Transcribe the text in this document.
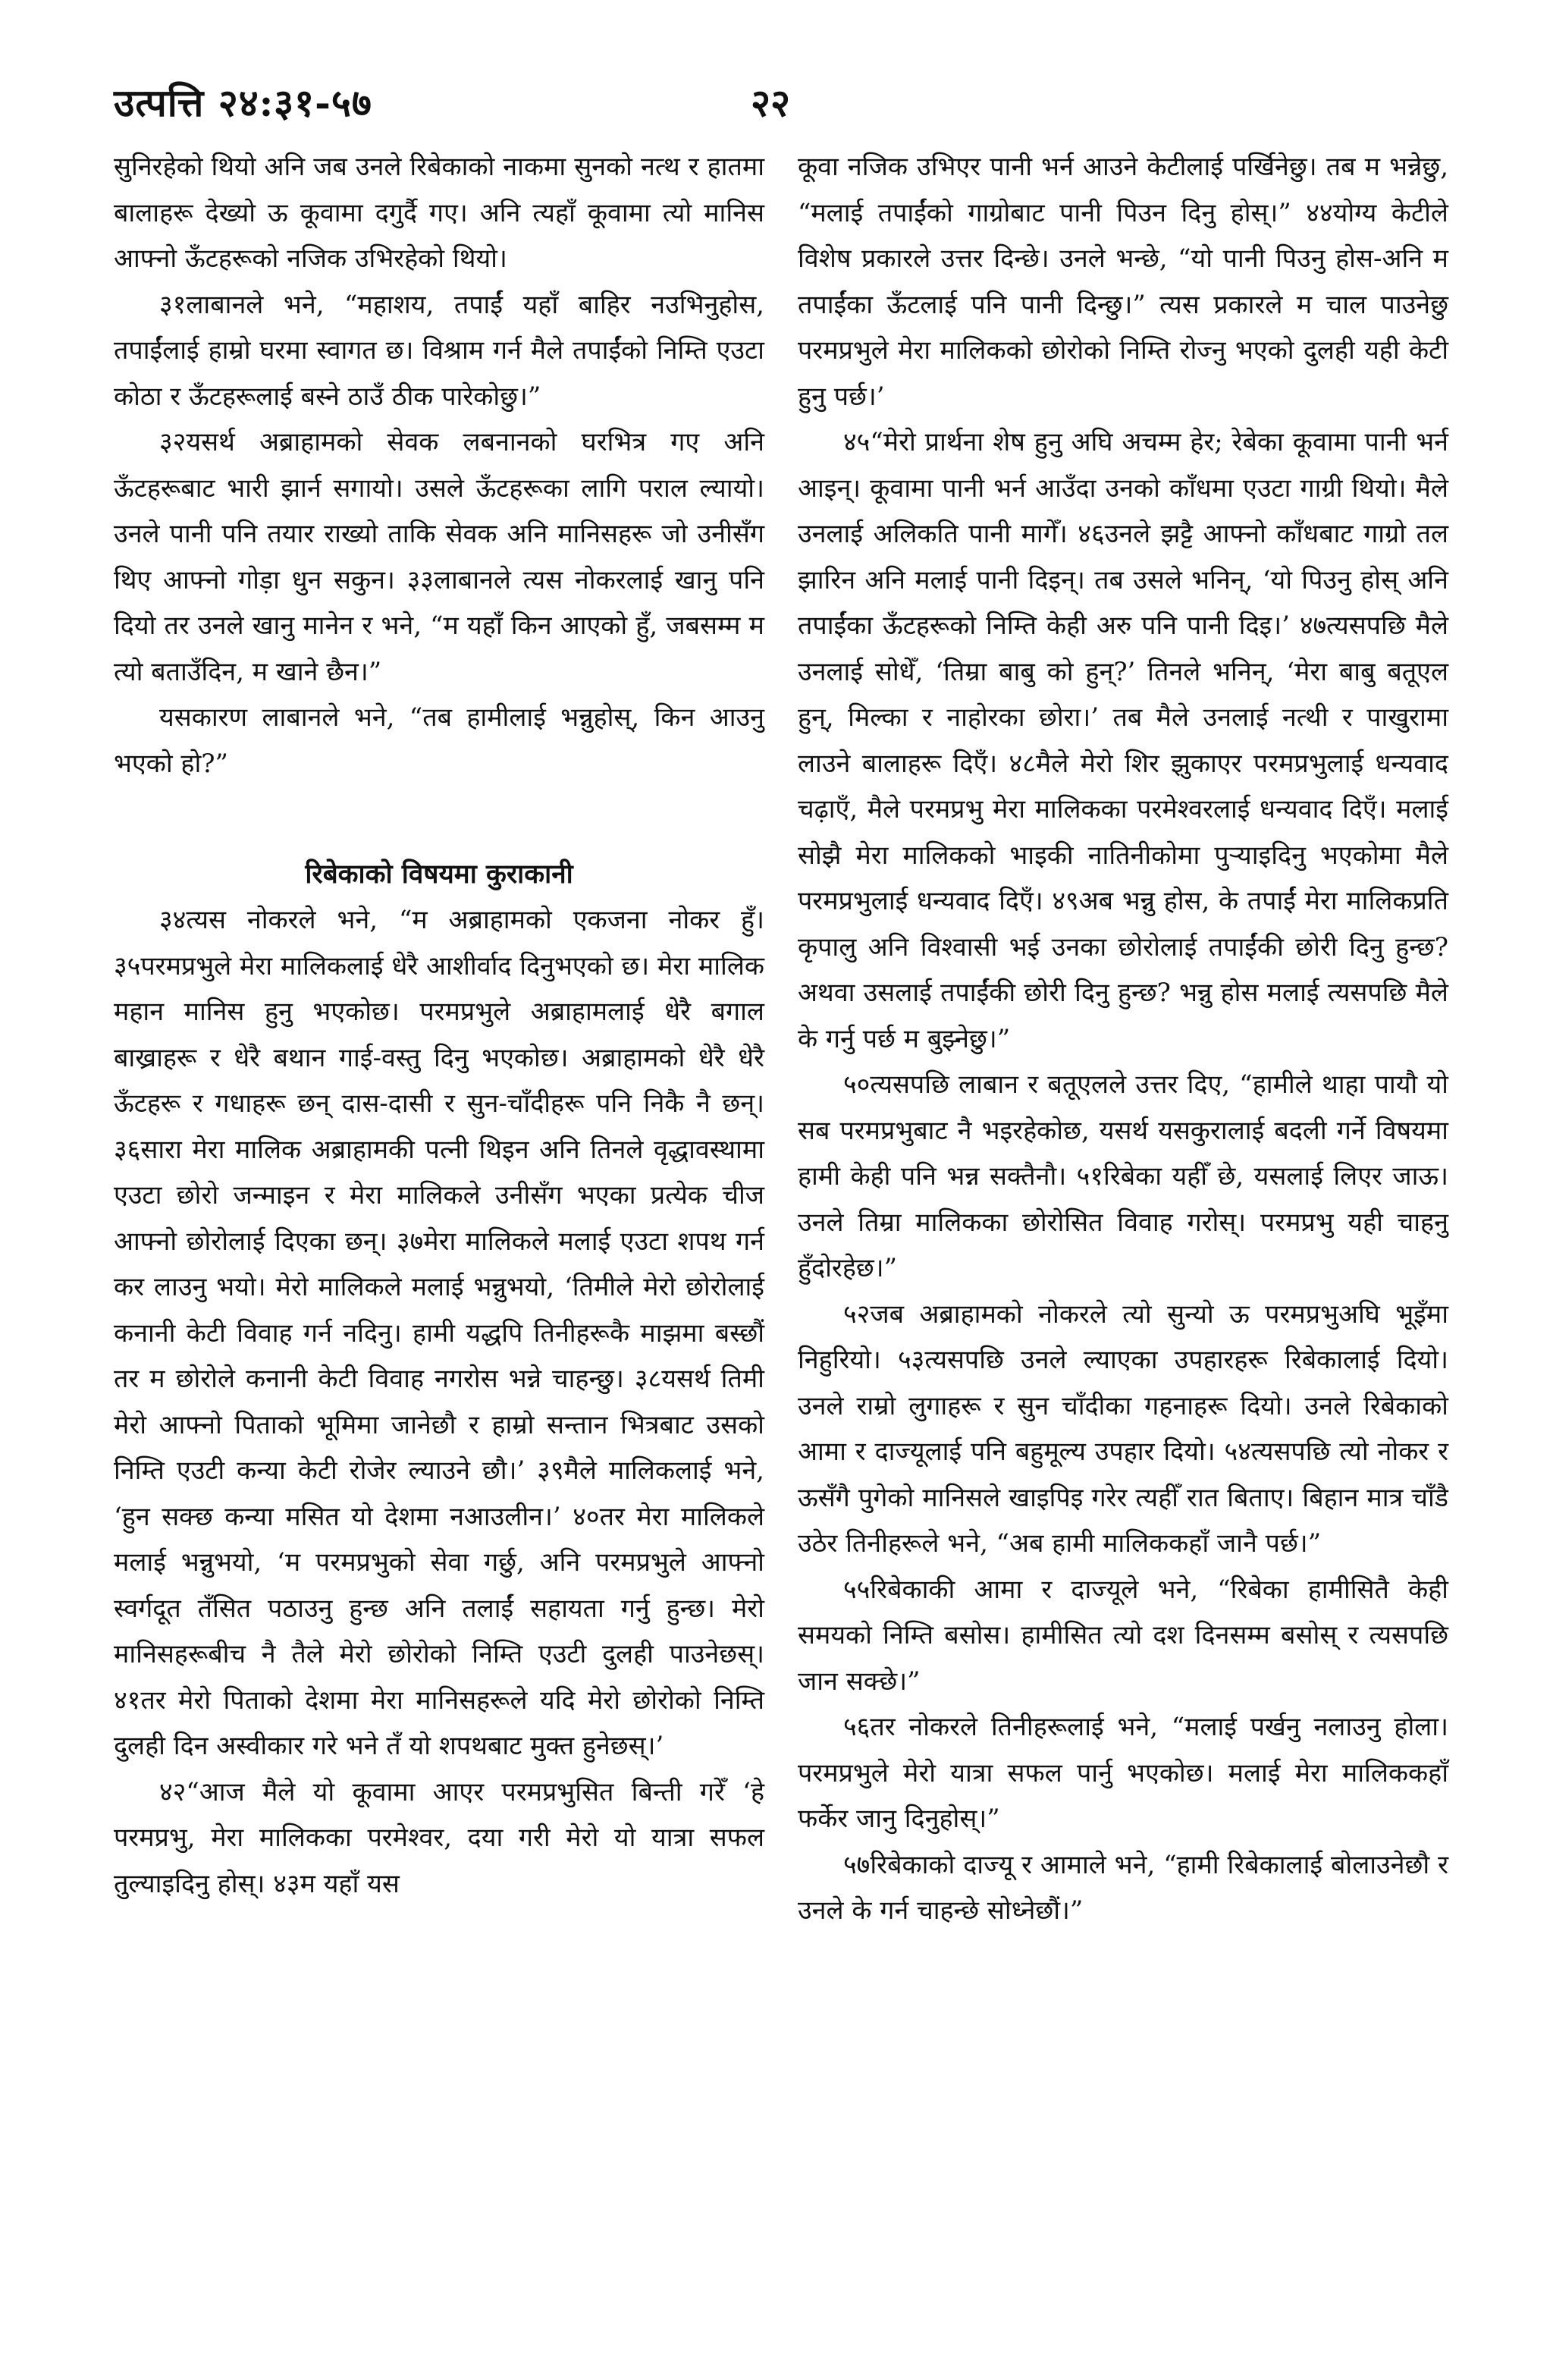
उत्पत्ति २४:३१-५७	२२

सुनिरहेको थियो अनि जब उनले रिबेकाको नाकमा सुनको नत्थ र हातमा बालाहरू देख्यो ऊ कूवामा दगुर्दै गए। अनि त्यहाँ कूवामा त्यो मानिस आफ्नो ऊँटहरूको नजिक उभिरहेको थियो।

३१लाबानले भने, “महाशय, तपाईं यहाँ बाहिर नउभिनुहोस, तपाईंलाई हाम्रो घरमा स्वागत छ। विश्राम गर्न मैले तपाईंको निम्ति एउटा कोठा र ऊँटहरूलाई बस्ने ठाउँ ठीक पारेकोछु।”

३२यसर्थ अब्राहामको सेवक लबनानको घरभित्र गए अनि ऊँटहरूबाट भारी झार्न सगायो। उसले ऊँटहरूका लागि पराल ल्यायो। उनले पानी पनि तयार राख्यो ताकि सेवक अनि मानिसहरू जो उनीसँग थिए आफ्नो गोड़ा धुन सकुन। ३३लाबानले त्यस नोकरलाई खानु पनि दियो तर उनले खानु मानेन र भने, “म यहाँ किन आएको हुँ, जबसम्म म त्यो बताउँदिन, म खाने छैन।”

यसकारण लाबानले भने, “तब हामीलाई भन्नुहोस्, किन आउनु भएको हो?”

रिबेकाको विषयमा कुराकानी

३४त्यस नोकरले भने, “म अब्राहामको एकजना नोकर हुँ। ३५परमप्रभुले मेरा मालिकलाई धेरै आशीर्वाद दिनुभएको छ। मेरा मालिक महान मानिस हुनु भएकोछ। परमप्रभुले अब्राहामलाई धेरै बगाल बाख्राहरू र धेरै बथान गाई-वस्तु दिनु भएकोछ। अब्राहामको धेरै धेरै ऊँटहरू र गधाहरू छन् दास-दासी र सुन-चाँदीहरू पनि निकै नै छन्। ३६सारा मेरा मालिक अब्राहामकी पत्नी थिइन अनि तिनले वृद्धावस्थामा एउटा छोरो जन्माइन र मेरा मालिकले उनीसँग भएका प्रत्येक चीज आफ्नो छोरोलाई दिएका छन्। ३७मेरा मालिकले मलाई एउटा शपथ गर्न कर लाउनु भयो। मेरो मालिकले मलाई भन्नुभयो, ‘तिमीले मेरो छोरोलाई कनानी केटी विवाह गर्न नदिनु। हामी यद्धपि तिनीहरूकै माझमा बस्छौं तर म छोरोले कनानी केटी विवाह नगरोस भन्ने चाहन्छु। ३८यसर्थ तिमी मेरो आफ्नो पिताको भूमिमा जानेछौ र हाम्रो सन्तान भित्रबाट उसको निम्ति एउटी कन्या केटी रोजेर ल्याउने छौ।’ ३९मैले मालिकलाई भने, ‘हुन सक्छ कन्या मसित यो देशमा नआउलीन।’ ४०तर मेरा मालिकले मलाई भन्नुभयो, ‘म परमप्रभुको सेवा गर्छु, अनि परमप्रभुले आफ्नो स्वर्गदूत तँसित पठाउनु हुन्छ अनि तलाईं सहायता गर्नु हुन्छ। मेरो मानिसहरूबीच नै तैले मेरो छोरोको निम्ति एउटी दुलही पाउनेछस्। ४१तर मेरो पिताको देशमा मेरा मानिसहरूले यदि मेरो छोरोको निम्ति दुलही दिन अस्वीकार गरे भने तँ यो शपथबाट मुक्त हुनेछस्।’

४२“आज मैले यो कूवामा आएर परमप्रभुसित बिन्ती गरेँ ‘हे परमप्रभु, मेरा मालिकका परमेश्वर, दया गरी मेरो यो यात्रा सफल तुल्याइदिनु होस्। ४३म यहाँ यस

कूवा नजिक उभिएर पानी भर्न आउने केटीलाई पर्खिनेछु। तब म भन्नेछु, “मलाई तपाईंको गाग्रोबाट पानी पिउन दिनु होस्।” ४४योग्य केटीले विशेष प्रकारले उत्तर दिन्छे। उनले भन्छे, “यो पानी पिउनु होस-अनि म तपाईंका ऊँटलाई पनि पानी दिन्छु।” त्यस प्रकारले म चाल पाउनेछु परमप्रभुले मेरा मालिकको छोरोको निम्ति रोज्नु भएको दुलही यही केटी हुनु पर्छ।’

४५“मेरो प्रार्थना शेष हुनु अघि अचम्म हेर; रेबेका कूवामा पानी भर्न आइन्। कूवामा पानी भर्न आउँदा उनको काँधमा एउटा गाग्री थियो। मैले उनलाई अलिकति पानी मागेँ। ४६उनले झट्टै आफ्नो काँधबाट गाग्रो तल झारिन अनि मलाई पानी दिइन्। तब उसले भनिन्, ‘यो पिउनु होस् अनि तपाईंका ऊँटहरूको निम्ति केही अरु पनि पानी दिइ।’ ४७त्यसपछि मैले उनलाई सोधेँ, ‘तिम्रा बाबु को हुन्?’ तिनले भनिन्, ‘मेरा बाबु बतूएल हुन्, मिल्का र नाहोरका छोरा।’ तब मैले उनलाई नत्थी र पाखुरामा लाउने बालाहरू दिएँ। ४८मैले मेरो शिर झुकाएर परमप्रभुलाई धन्यवाद चढ़ाएँ, मैले परमप्रभु मेरा मालिकका परमेश्वरलाई धन्यवाद दिएँ। मलाई सोझै मेरा मालिकको भाइकी नातिनीकोमा पुऱ्याइदिनु भएकोमा मैले परमप्रभुलाई धन्यवाद दिएँ। ४९अब भन्नु होस, के तपाईं मेरा मालिकप्रति कृपालु अनि विश्वासी भई उनका छोरोलाई तपाईंकी छोरी दिनु हुन्छ? अथवा उसलाई तपाईंकी छोरी दिनु हुन्छ? भन्नु होस मलाई त्यसपछि मैले के गर्नु पर्छ म बुझ्नेछु।”

५०त्यसपछि लाबान र बतूएलले उत्तर दिए, “हामीले थाहा पायौ यो सब परमप्रभुबाट नै भइरहेकोछ, यसर्थ यसकुरालाई बदली गर्ने विषयमा हामी केही पनि भन्न सक्तैनौ। ५१रिबेका यहीँ छे, यसलाई लिएर जाऊ। उनले तिम्रा मालिकका छोरोसित विवाह गरोस्। परमप्रभु यही चाहनु हुँदोरहेछ।”

५२जब अब्राहामको नोकरले त्यो सुन्यो ऊ परमप्रभुअघि भूइँमा निहुरियो। ५३त्यसपछि उनले ल्याएका उपहारहरू रिबेकालाई दियो। उनले राम्रो लुगाहरू र सुन चाँदीका गहनाहरू दियो। उनले रिबेकाको आमा र दाज्यूलाई पनि बहुमूल्य उपहार दियो। ५४त्यसपछि त्यो नोकर र ऊसँगै पुगेको मानिसले खाइपिइ गरेर त्यहीँ रात बिताए। बिहान मात्र चाँडै उठेर तिनीहरूले भने, “अब हामी मालिककहाँ जानै पर्छ।”

५५रिबेकाकी आमा र दाज्यूले भने, “रिबेका हामीसितै केही समयको निम्ति बसोस। हामीसित त्यो दश दिनसम्म बसोस् र त्यसपछि जान सक्छे।”

५६तर नोकरले तिनीहरूलाई भने, “मलाई पर्खनु नलाउनु होला। परमप्रभुले मेरो यात्रा सफल पार्नु भएकोछ। मलाई मेरा मालिककहाँ फर्केर जानु दिनुहोस्।”

५७रिबेकाको दाज्यू र आमाले भने, “हामी रिबेकालाई बोलाउनेछौ र उनले के गर्न चाहन्छे सोध्नेछौं।”
